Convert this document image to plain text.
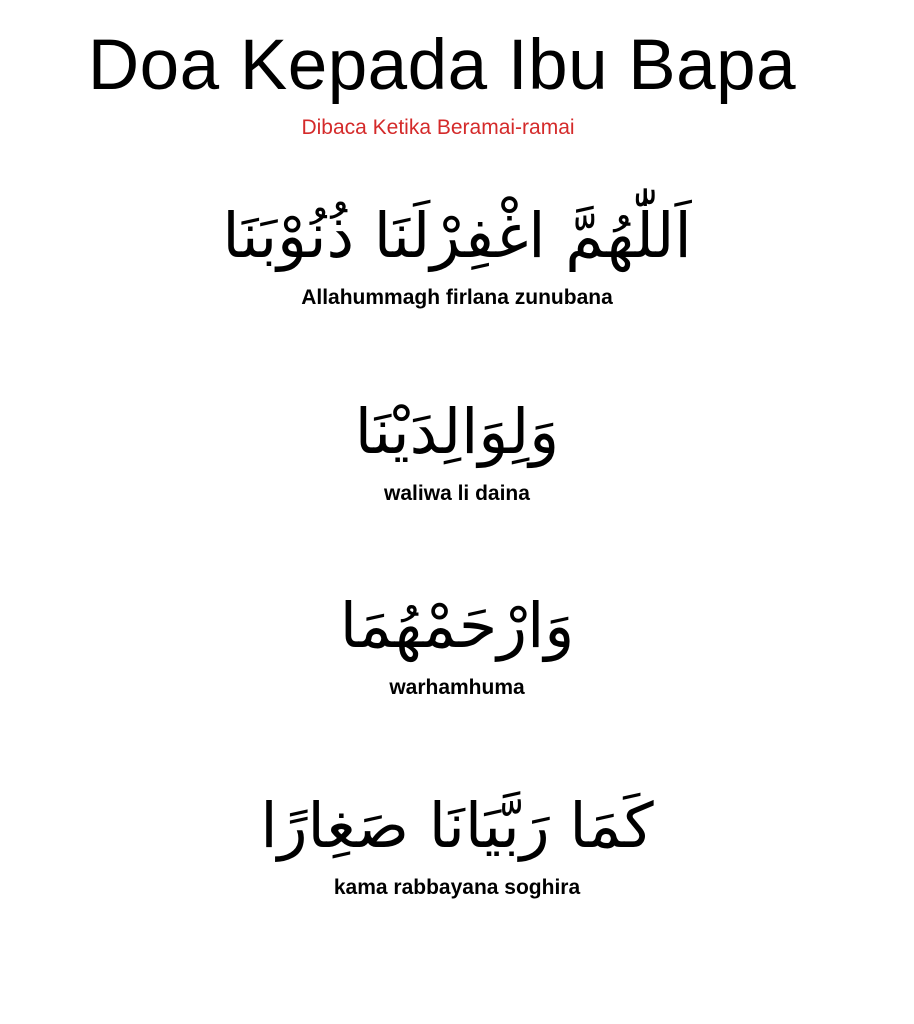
Doa Kepada Ibu Bapa

Dibaca Ketika Beramai-ramai

اَللّٰهُمَّ اغْفِرْلَنَا ذُنُوْبَنَا
Allahummagh firlana zunubana
وَلِوَالِدَيْنَا
waliwa li daina
وَارْحَمْهُمَا
warhamhuma
كَمَا رَبَّيَانَا صَغِارًا
kama rabbayana soghira
